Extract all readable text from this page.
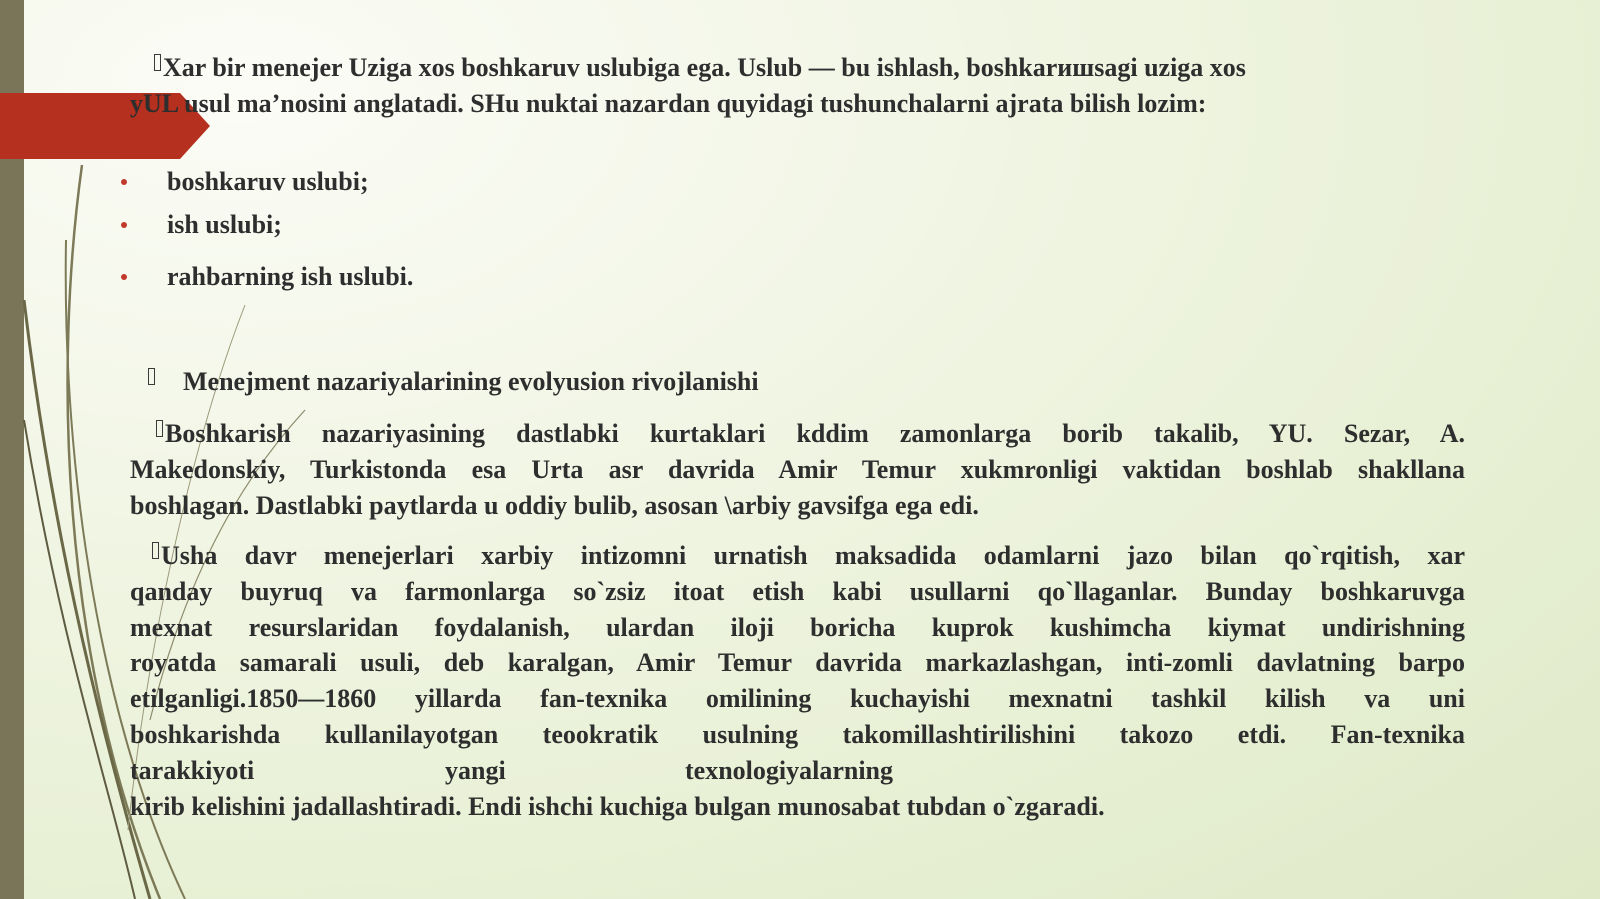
Xar bir menejer Uziga xos boshkaruv uslubiga ega. Uslub — bu ishlash, boshkarишsagi uziga xos
yUL usul ma’nosini anglatadi. SHu nuktai nazardan quyidagi tushunchalarni ajrata bilish lozim:

boshkaruv uslubi;
ish uslubi;
rahbarning ish uslubi.
Menejment nazariyalarining evolyusion rivojlanishi

Boshkarish nazariyasining dastlabki kurtaklari kddim zamonlarga borib takalib, YU. Sezar, A.
Makedonskiy, Turkistonda esa Urta asr davrida Amir Temur xukmronligi vaktidan boshlab shakllana
boshlagan. Dastlabki paytlarda u oddiy bulib, asosan \arbiy gavsifga ega edi.

Usha davr menejerlari xarbiy intizomni urnatish maksadida odamlarni jazo bilan qo`rqitish, xar
qanday buyruq va farmonlarga so`zsiz itoat etish kabi usullarni qo`llaganlar. Bunday boshkaruvga
mexnat resurslaridan foydalanish, ulardan iloji boricha kuprok kushimcha kiymat undirishning
royatda samarali usuli, deb karalgan, Amir Temur davrida markazlashgan, inti-zomli davlatning barpo
etilganligi.1850—1860 yillarda fan-texnika omilining kuchayishi mexnatni tashkil kilish va uni
boshkarishda kullanilayotgan teookratik usulning takomillashtirilishini takozo etdi. Fan-texnika
tarakkiyoti	yangi	texnologiyalarning
kirib kelishini jadallashtiradi. Endi ishchi kuchiga bulgan munosabat tubdan o`zgaradi.
